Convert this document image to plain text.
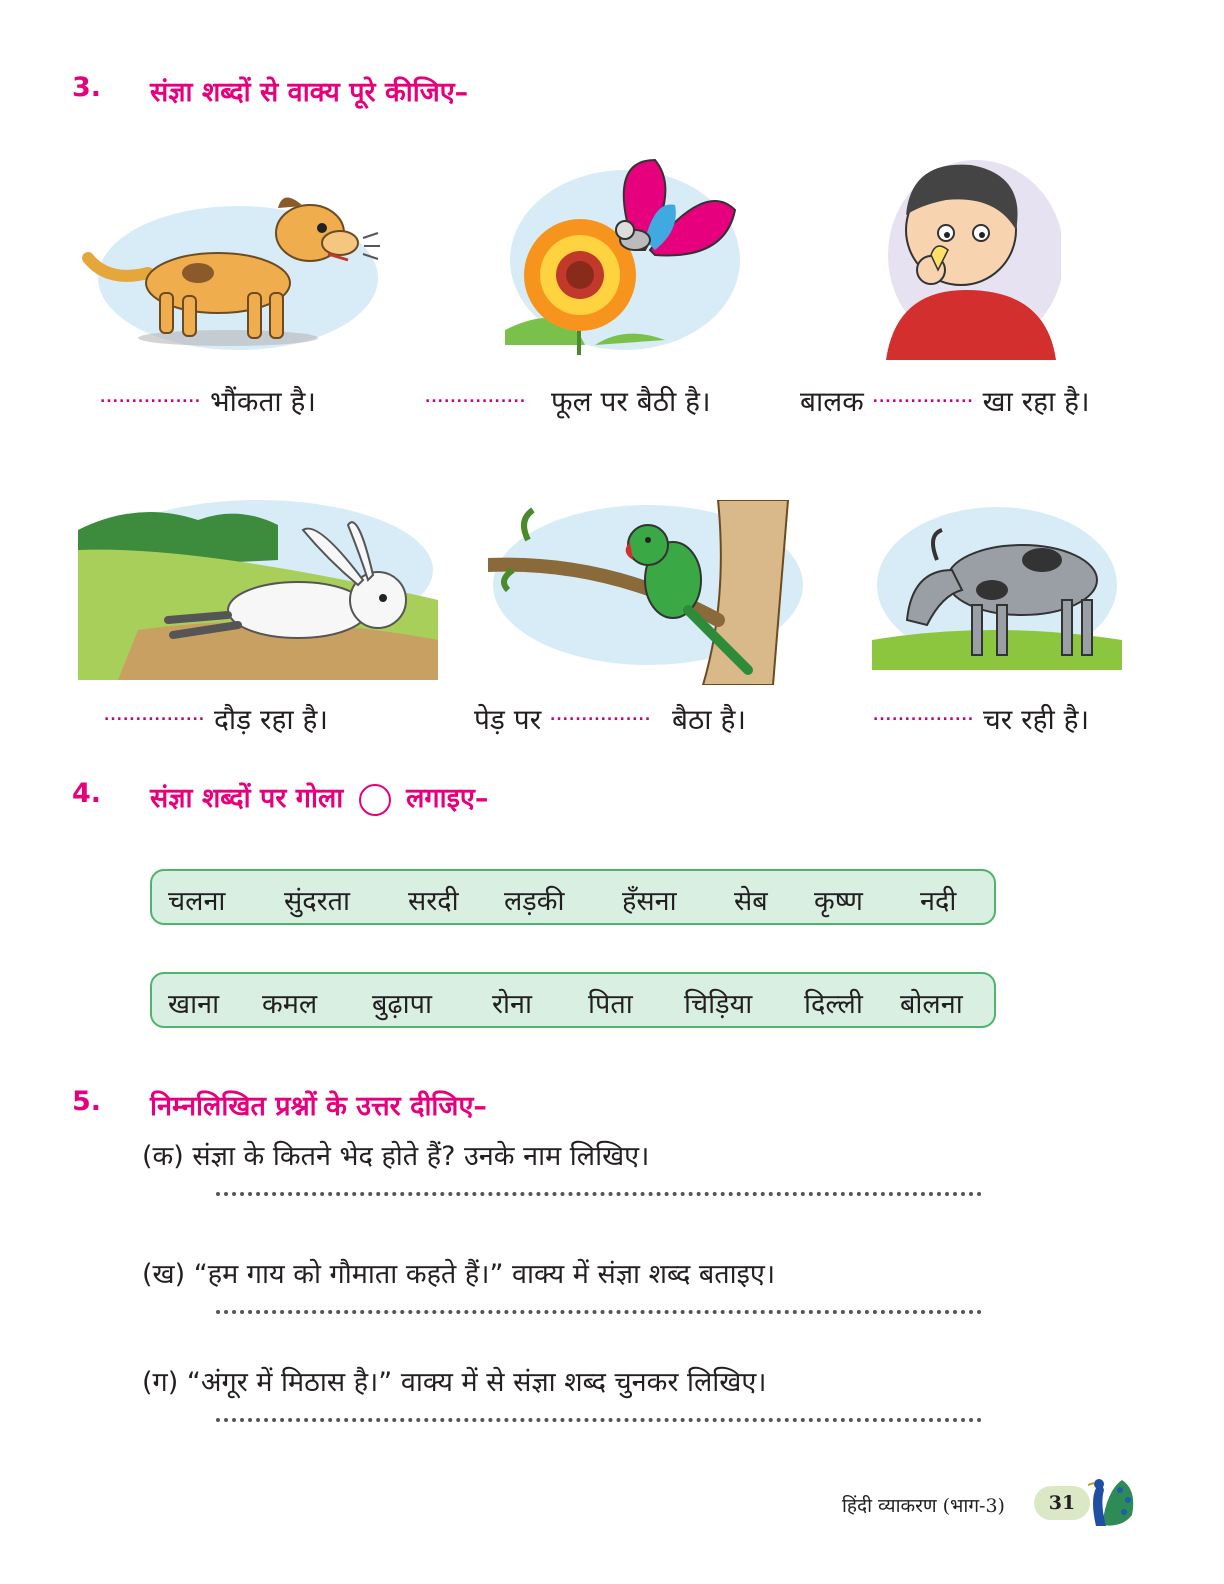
3. संज्ञा शब्दों से वाक्य पूरे कीजिए–
................ भौंकता है।	................ फूल पर बैठी है।	बालक ................ खा रहा है।
................ दौड़ रहा है।	पेड़ पर ................ बैठा है।	................ चर रही है।
4. संज्ञा शब्दों पर गोला लगाइए–
चलना सुंदरता सरदी लड़की हँसना सेब कृष्ण नदी
खाना कमल बुढ़ापा रोना पिता चिड़िया दिल्ली बोलना
5. निम्नलिखित प्रश्नों के उत्तर दीजिए–
(क) संज्ञा के कितने भेद होते हैं? उनके नाम लिखिए।
(ख) “हम गाय को गौमाता कहते हैं।” वाक्य में संज्ञा शब्द बताइए।
(ग) “अंगूर में मिठास है।” वाक्य में से संज्ञा शब्द चुनकर लिखिए।
हिंदी व्याकरण (भाग-3)	31
